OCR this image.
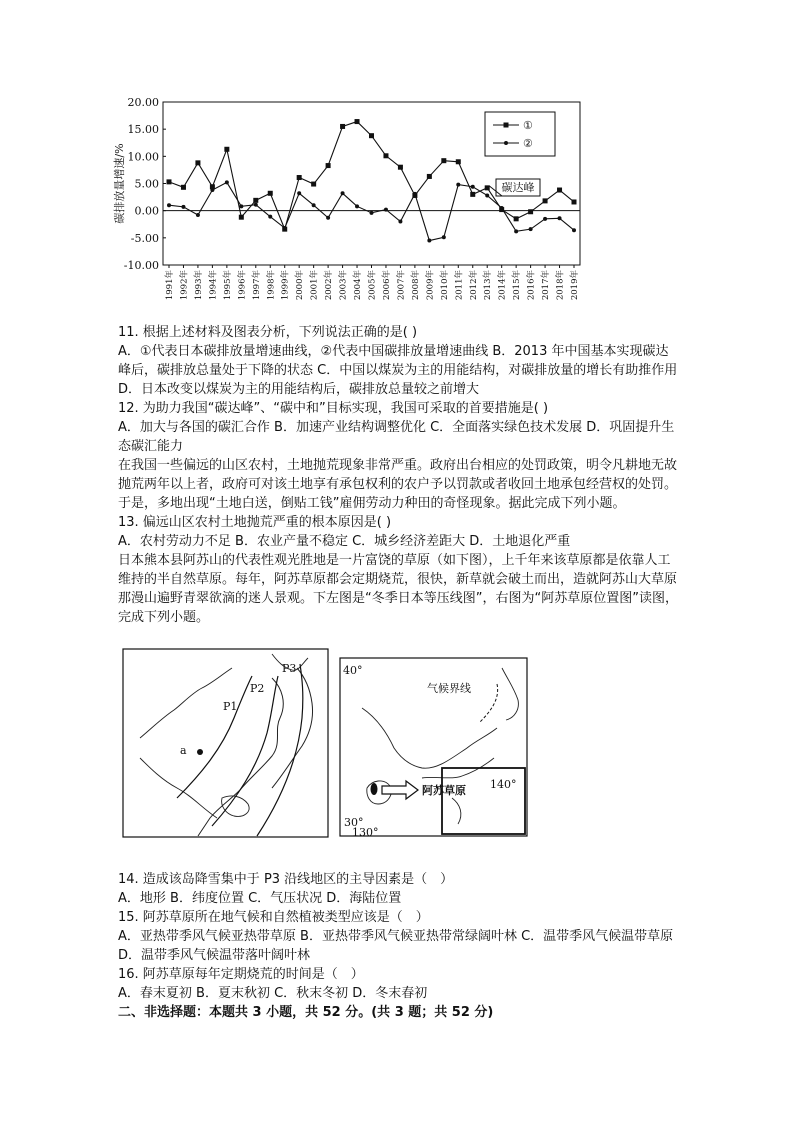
20.00
15.00
10.00
5.00
0.00
-5.00
-10.00
1991年 1992年 1993年 1994年 1995年 1996年 1997年 1998年 1999年 2000年 2001年 2002年 2003年 2004年 2005年 2006年 2007年 2008年 2009年 2010年 2011年 2012年 2013年 2014年 2015年 2016年 2017年 2018年 2019年
碳排放量增速/%
①
②
碳达峰

11. 根据上述材料及图表分析，下列说法正确的是( )

A．①代表日本碳排放量增速曲线，②代表中国碳排放量增速曲线 B．2013 年中国基本实现碳达峰后，碳排放总量处于下降的状态 C．中国以煤炭为主的用能结构，对碳排放量的增长有助推作用 D．日本改变以煤炭为主的用能结构后，碳排放总量较之前增大

12. 为助力我国“碳达峰”、“碳中和”目标实现，我国可采取的首要措施是( )

A．加大与各国的碳汇合作 B．加速产业结构调整优化 C．全面落实绿色技术发展 D．巩固提升生态碳汇能力

在我国一些偏远的山区农村，土地抛荒现象非常严重。政府出台相应的处罚政策，明令凡耕地无故抛荒两年以上者，政府可对该土地享有承包权利的农户予以罚款或者收回土地承包经营权的处罚。于是，多地出现“土地白送，倒贴工钱”雇佣劳动力种田的奇怪现象。据此完成下列小题。

13. 偏远山区农村土地抛荒严重的根本原因是( )

A．农村劳动力不足 B．农业产量不稳定 C．城乡经济差距大 D．土地退化严重

日本熊本县阿苏山的代表性观光胜地是一片富饶的草原（如下图），上千年来该草原都是依靠人工维持的半自然草原。每年，阿苏草原都会定期烧荒，很快，新草就会破土而出，造就阿苏山大草原那漫山遍野青翠欲滴的迷人景观。下左图是“冬季日本等压线图”，右图为“阿苏草原位置图”读图，完成下列小题。

a
P1
P2
P3	40°
气候界线
阿苏草原 140°
30°
130°

14. 造成该岛降雪集中于 P3 沿线地区的主导因素是（　）

A．地形 B．纬度位置 C．气压状况 D．海陆位置

15. 阿苏草原所在地气候和自然植被类型应该是（　）

A．亚热带季风气候亚热带草原 B．亚热带季风气候亚热带常绿阔叶林 C．温带季风气候温带草原 D．温带季风气候温带落叶阔叶林

16. 阿苏草原每年定期烧荒的时间是（　）

A．春末夏初 B．夏末秋初 C．秋末冬初 D．冬末春初

二、非选择题：本题共 3 小题，共 52 分。(共 3 题；共 52 分)
